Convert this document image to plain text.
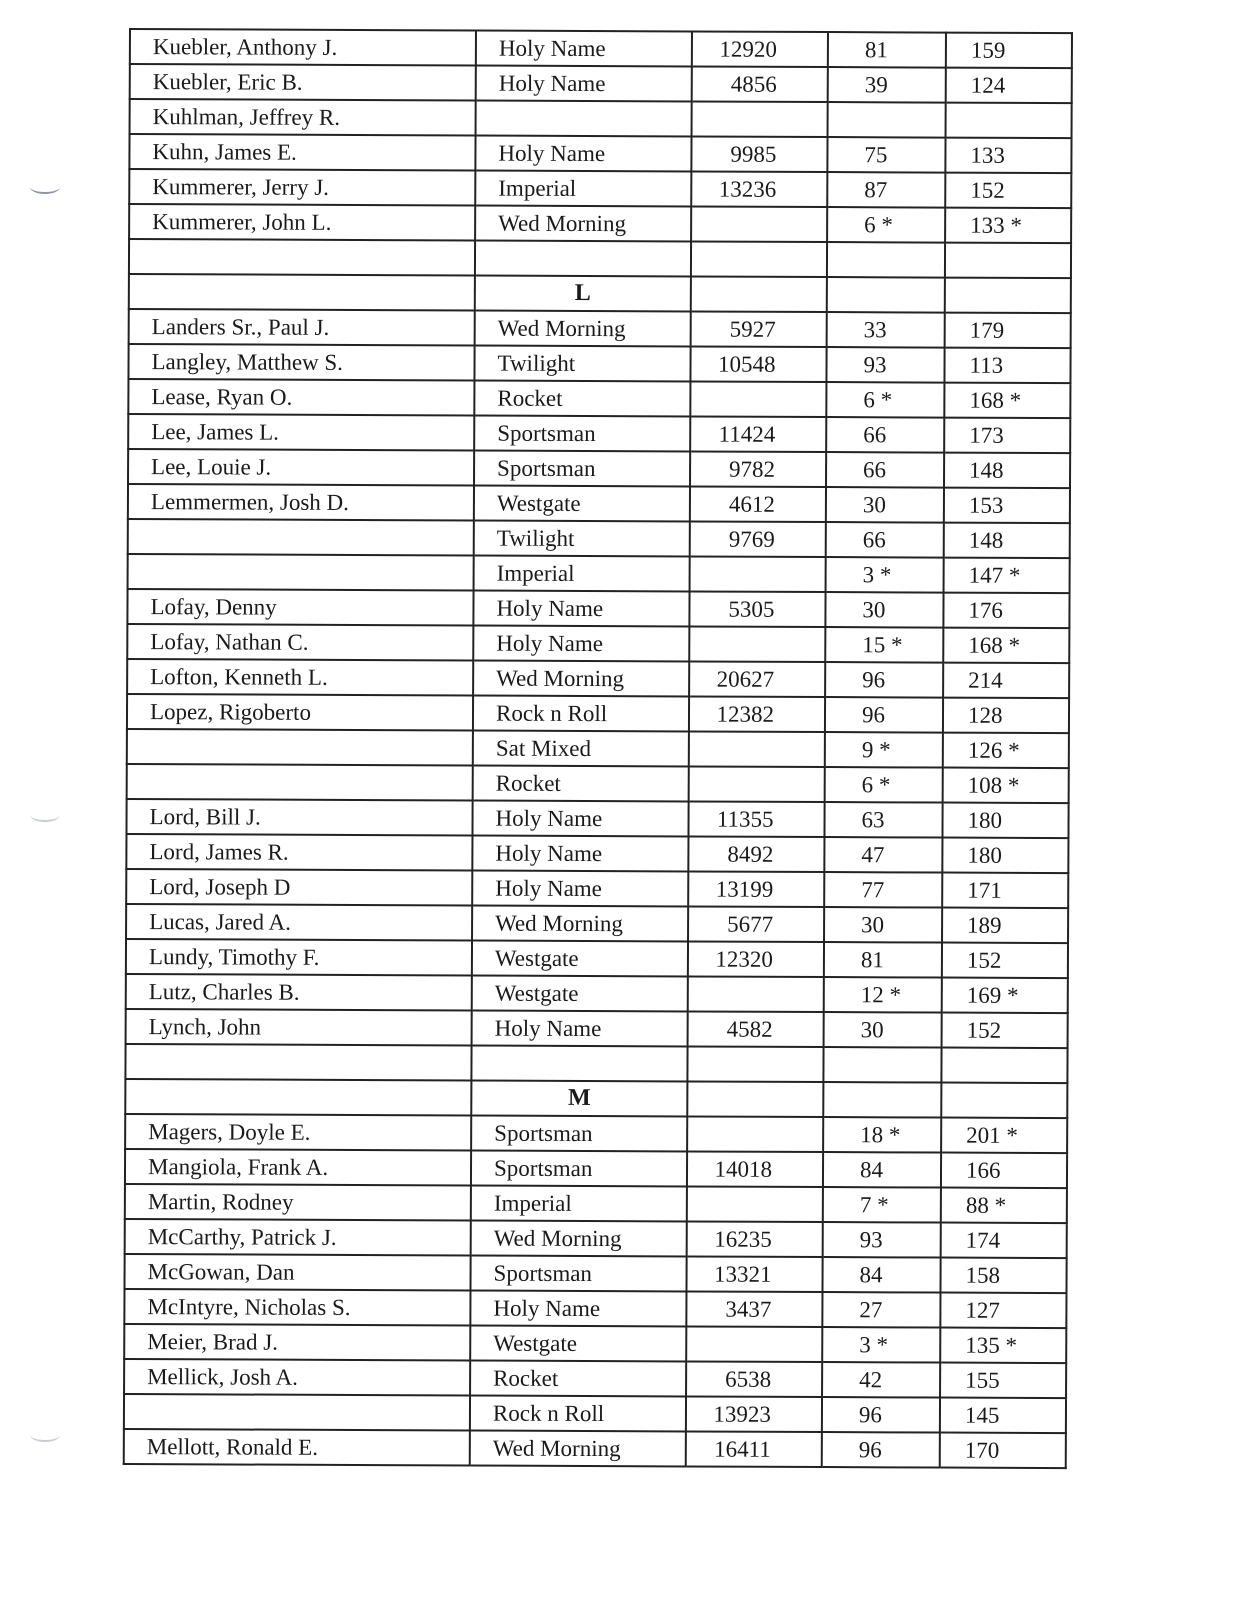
Kuebler, Anthony J.	Holy Name	12920	81	159
Kuebler, Eric B.	Holy Name	4856	39	124
Kuhlman, Jeffrey R.				
Kuhn, James E.	Holy Name	9985	75	133
Kummerer, Jerry J.	Imperial	13236	87	152
Kummerer, John L.	Wed Morning		6 *	133 *

	L			
Landers Sr., Paul J.	Wed Morning	5927	33	179
Langley, Matthew S.	Twilight	10548	93	113
Lease, Ryan O.	Rocket		6 *	168 *
Lee, James L.	Sportsman	11424	66	173
Lee, Louie J.	Sportsman	9782	66	148
Lemmermen, Josh D.	Westgate	4612	30	153
	Twilight	9769	66	148
	Imperial		3 *	147 *
Lofay, Denny	Holy Name	5305	30	176
Lofay, Nathan C.	Holy Name		15 *	168 *
Lofton, Kenneth L.	Wed Morning	20627	96	214
Lopez, Rigoberto	Rock n Roll	12382	96	128
	Sat Mixed		9 *	126 *
	Rocket		6 *	108 *
Lord, Bill J.	Holy Name	11355	63	180
Lord, James R.	Holy Name	8492	47	180
Lord, Joseph D	Holy Name	13199	77	171
Lucas, Jared A.	Wed Morning	5677	30	189
Lundy, Timothy F.	Westgate	12320	81	152
Lutz, Charles B.	Westgate		12 *	169 *
Lynch, John	Holy Name	4582	30	152

	M			
Magers, Doyle E.	Sportsman		18 *	201 *
Mangiola, Frank A.	Sportsman	14018	84	166
Martin, Rodney	Imperial		7 *	88 *
McCarthy, Patrick J.	Wed Morning	16235	93	174
McGowan, Dan	Sportsman	13321	84	158
McIntyre, Nicholas S.	Holy Name	3437	27	127
Meier, Brad J.	Westgate		3 *	135 *
Mellick, Josh A.	Rocket	6538	42	155
	Rock n Roll	13923	96	145
Mellott, Ronald E.	Wed Morning	16411	96	170
